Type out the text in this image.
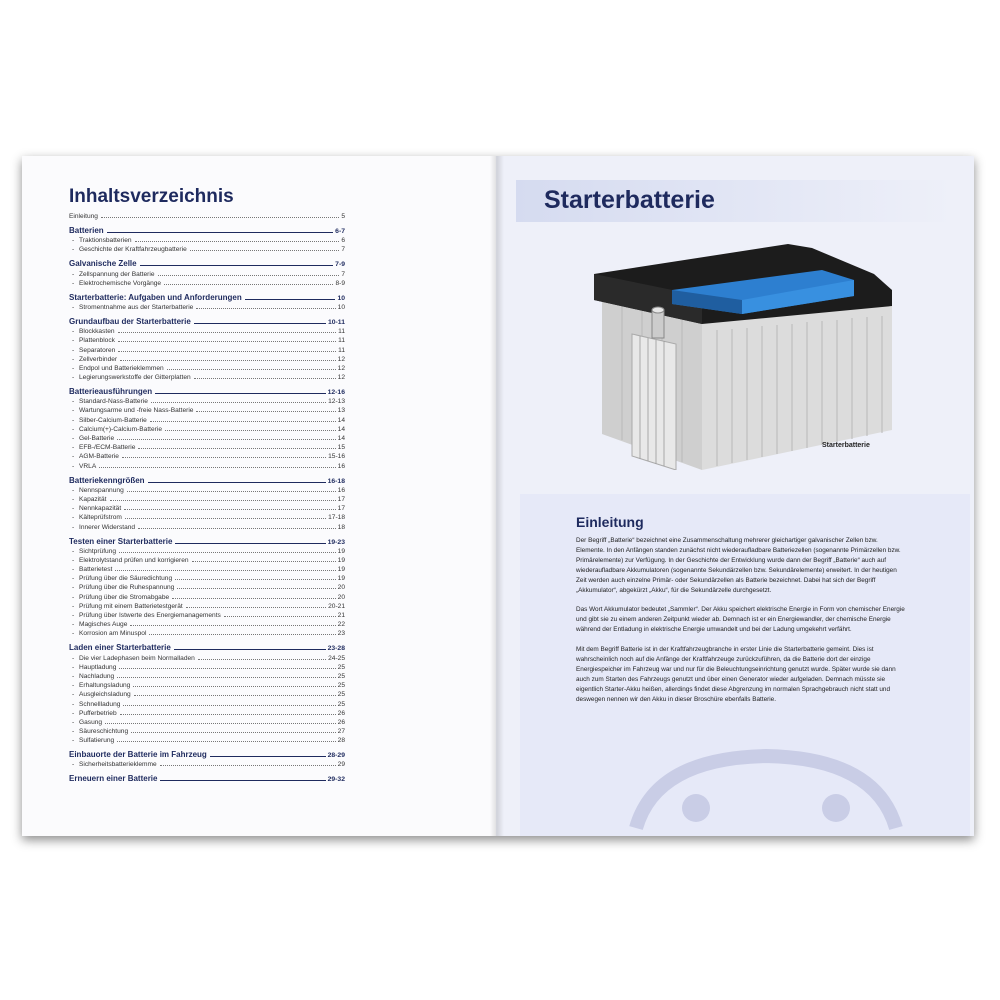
Inhaltsverzeichnis
Einleitung	5
Batterien	6-7
- Traktionsbatterien	6
- Geschichte der Kraftfahrzeugbatterie	7
Galvanische Zelle	7-9
- Zellspannung der Batterie	7
- Elektrochemische Vorgänge	8-9
Starterbatterie: Aufgaben und Anforderungen	10
- Stromentnahme aus der Starterbatterie	10
Grundaufbau der Starterbatterie	10-11
- Blockkasten	11
- Plattenblock	11
- Separatoren	11
- Zellverbinder	12
- Endpol und Batterieklemmen	12
- Legierungswerkstoffe der Gitterplatten	12
Batterieausführungen	12-16
- Standard-Nass-Batterie	12-13
- Wartungsarme und -freie Nass-Batterie	13
- Silber-Calcium-Batterie	14
- Calcium(+)-Calcium-Batterie	14
- Gel-Batterie	14
- EFB-/ECM-Batterie	15
- AGM-Batterie	15-16
- VRLA	16
Batteriekenngrößen	16-18
- Nennspannung	16
- Kapazität	17
- Nennkapazität	17
- Kälteprüfstrom	17-18
- Innerer Widerstand	18
Testen einer Starterbatterie	19-23
- Sichtprüfung	19
- Elektrolytstand prüfen und korrigieren	19
- Batterietest	19
- Prüfung über die Säuredichtung	19
- Prüfung über die Ruhespannung	20
- Prüfung über die Stromabgabe	20
- Prüfung mit einem Batterietestgerät	20-21
- Prüfung über Istwerte des Energiemanagements	21
- Magisches Auge	22
- Korrosion am Minuspol	23
Laden einer Starterbatterie	23-28
- Die vier Ladephasen beim Normalladen	24-25
- Hauptladung	25
- Nachladung	25
- Erhaltungsladung	25
- Ausgleichsladung	25
- Schnellladung	25
- Pufferbetrieb	26
- Gasung	26
- Säureschichtung	27
- Sulfatierung	28
Einbauorte der Batterie im Fahrzeug	28-29
- Sicherheitsbatterieklemme	29
Erneuern einer Batterie	29-32
Starterbatterie
Starterbatterie
Einleitung

Der Begriff „Batterie“ bezeichnet eine Zusammenschaltung mehrerer gleichartiger galvanischer Zellen bzw. Elemente. In den Anfängen standen zunächst nicht wiederaufladbare Batteriezellen (sogenannte Primärzellen bzw. Primärelemente) zur Verfügung. In der Geschichte der Entwicklung wurde dann der Begriff „Batterie“ auch auf wiederaufladbare Akkumulatoren (sogenannte Sekundärzellen bzw. Sekundärelemente) erweitert. In der heutigen Zeit werden auch einzelne Primär- oder Sekundärzellen als Batterie bezeichnet. Dabei hat sich der Begriff „Akkumulator“, abgekürzt „Akku“, für die Sekundärzelle durchgesetzt.

Das Wort Akkumulator bedeutet „Sammler“. Der Akku speichert elektrische Energie in Form von chemischer Energie und gibt sie zu einem anderen Zeitpunkt wieder ab. Demnach ist er ein Energiewandler, der chemische Energie während der Entladung in elektrische Energie umwandelt und bei der Ladung umgekehrt verfährt.

Mit dem Begriff Batterie ist in der Kraftfahrzeugbranche in erster Linie die Starterbatterie gemeint. Dies ist wahrscheinlich noch auf die Anfänge der Kraftfahrzeuge zurückzuführen, da die Batterie dort der einzige Energiespeicher im Fahrzeug war und nur für die Beleuchtungseinrichtung genutzt wurde. Später wurde sie dann auch zum Starten des Fahrzeugs genutzt und über einen Generator wieder aufgeladen. Demnach müsste sie eigentlich Starter-Akku heißen, allerdings findet diese Abgrenzung im normalen Sprachgebrauch nicht statt und deswegen nennen wir den Akku in dieser Broschüre ebenfalls Batterie.
